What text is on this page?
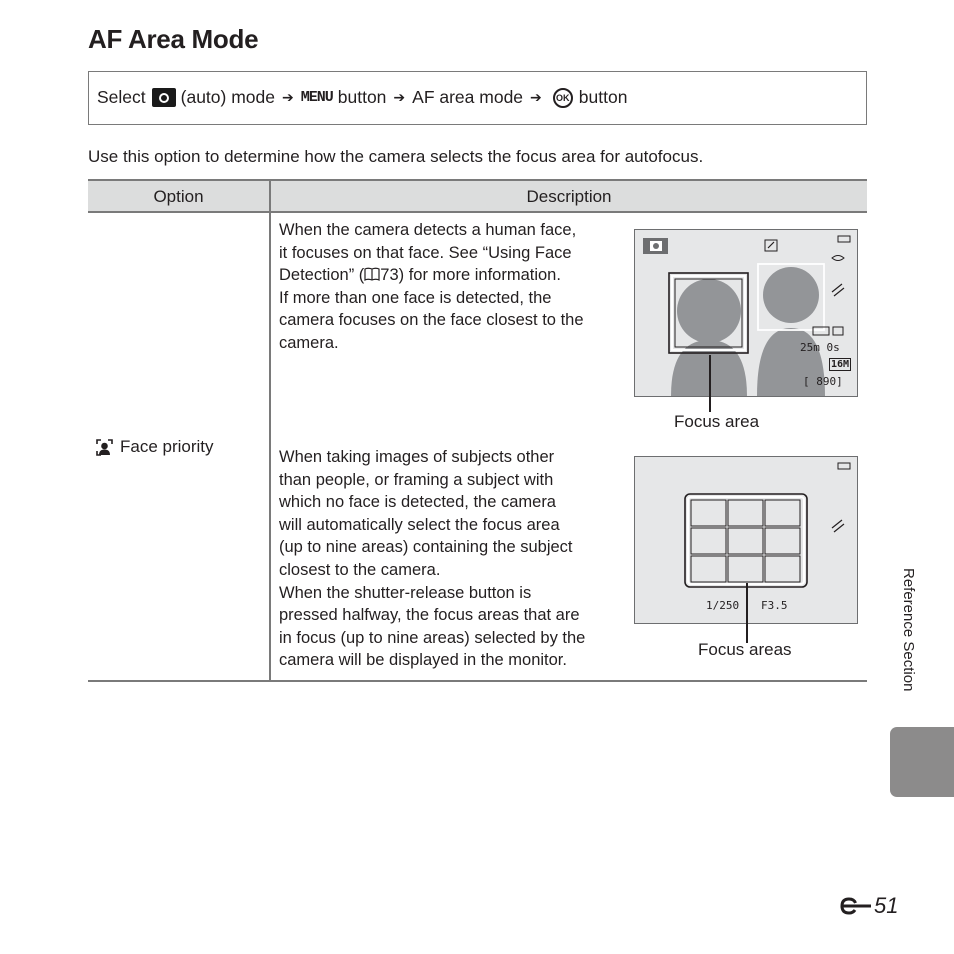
AF Area Mode
Select (auto) mode ➔ MENU button ➔ AF area mode ➔	OK button
Use this option to determine how the camera selects the focus area for autofocus.
Option	Description
Face priority

When the camera detects a human face,

it focuses on that face. See “Using Face

Detection” ( 73) for more information.

If more than one face is detected, the

camera focuses on the face closest to the

camera.

When taking images of subjects other

than people, or framing a subject with

which no face is detected, the camera

will automatically select the focus area

(up to nine areas) containing the subject

closest to the camera.

When the shutter-release button is

pressed halfway, the focus areas that are

in focus (up to nine areas) selected by the

camera will be displayed in the monitor.

25m 0s
16M
[ 890]
Focus area
1/250 F3.5
Focus areas	Reference Section
51
